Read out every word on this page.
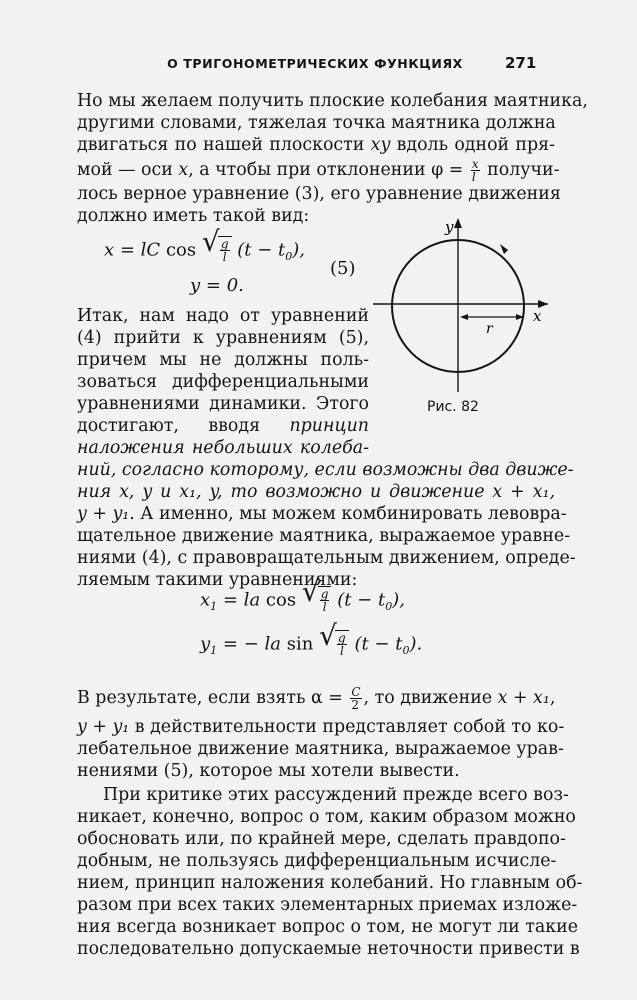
О ТРИГОНОМЕТРИЧЕСКИХ ФУНКЦИЯХ	271
Но мы желаем получить плоские колебания маятника,
другими словами, тяжелая точка маятника должна
двигаться по нашей плоскости xy вдоль одной пря-
мой — оси x, а чтобы при отклонении $\varphi = \frac{x}{l}$ получи-
лось верное уравнение (3), его уравнение движения
должно иметь такой вид:
x = lC cos √ $\frac{g}{l} (t - t_0)$,
y = 0.
(5)
Итак, нам надо от уравнений
(4) прийти к уравнениям (5),
причем мы не должны поль-
зоваться дифференциальными
уравнениями динамики. Этого
достигают, вводя принцип
наложения небольших колеба-
y
x
r
Рис. 82
ний, согласно которому, если возможны два движе-
ния x, y и x₁, y, то возможно и движение x + x₁,
y + y₁. А именно, мы можем комбинировать левовра-
щательное движение маятника, выражаемое уравне-
ниями (4), с правовращательным движением, опреде-
ляемым такими уравнениями:
$x_1$ = la cos √ $\frac{g}{l} (t - t_0)$,
$y_1$ = − la sin √ $\frac{g}{l} (t - t_0)$.
В результате, если взять $\alpha = \frac{C}{2}$ , то движение x + x₁,
y + y₁ в действительности представляет собой то ко-
лебательное движение маятника, выражаемое урав-
нениями (5), которое мы хотели вывести.
При критике этих рассуждений прежде всего воз-
никает, конечно, вопрос о том, каким образом можно
обосновать или, по крайней мере, сделать правдопо-
добным, не пользуясь дифференциальным исчисле-
нием, принцип наложения колебаний. Но главным об-
разом при всех таких элементарных приемах изложе-
ния всегда возникает вопрос о том, не могут ли такие
последовательно допускаемые неточности привести в
